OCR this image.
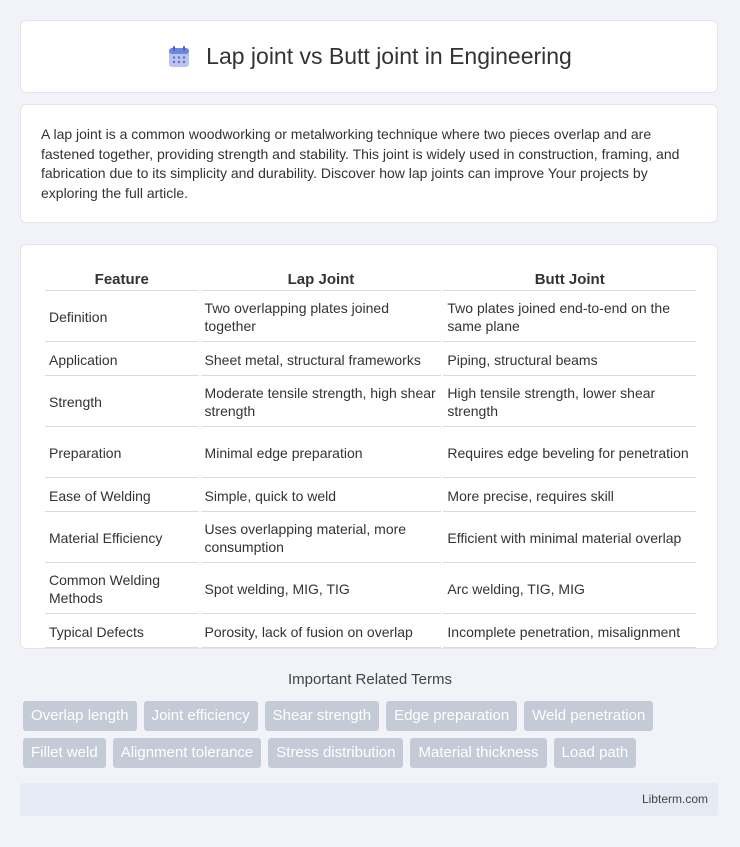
Lap joint vs Butt joint in Engineering

A lap joint is a common woodworking or metalworking technique where two pieces overlap and are fastened together, providing strength and stability. This joint is widely used in construction, framing, and fabrication due to its simplicity and durability. Discover how lap joints can improve Your projects by exploring the full article.

Feature	Lap Joint	Butt Joint
Definition	Two overlapping plates joined together	Two plates joined end-to-end on the same plane
Application	Sheet metal, structural frameworks	Piping, structural beams
Strength	Moderate tensile strength, high shear strength	High tensile strength, lower shear strength
Preparation	Minimal edge preparation	Requires edge beveling for penetration
Ease of Welding	Simple, quick to weld	More precise, requires skill
Material Efficiency	Uses overlapping material, more consumption	Efficient with minimal material overlap
Common Welding Methods	Spot welding, MIG, TIG	Arc welding, TIG, MIG
Typical Defects	Porosity, lack of fusion on overlap	Incomplete penetration, misalignment
Important Related Terms
Overlap length	Joint efficiency	Shear strength	Edge preparation	Weld penetration
Fillet weld	Alignment tolerance	Stress distribution	Material thickness	Load path
Libterm.com
